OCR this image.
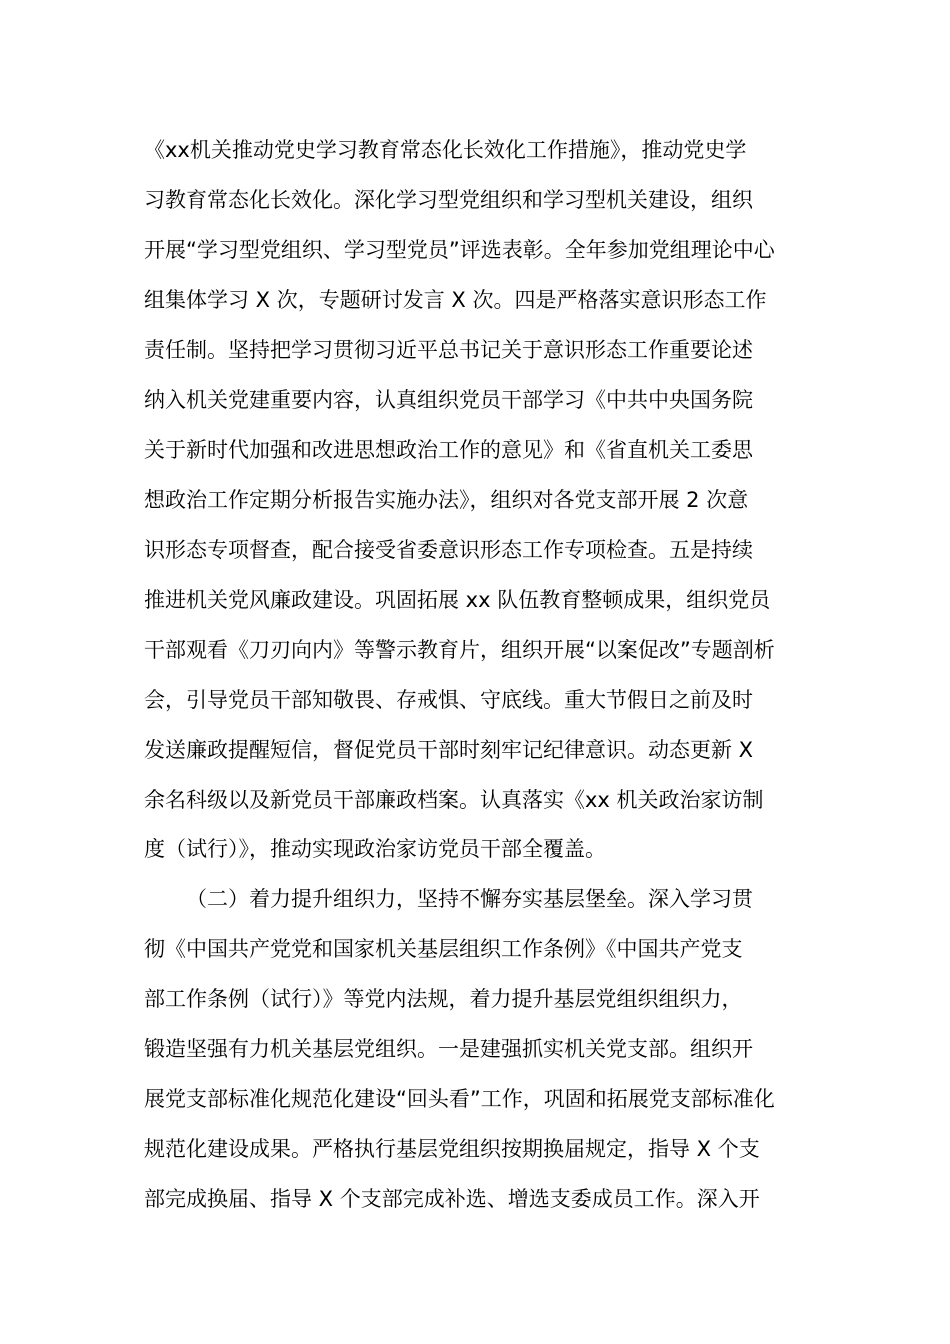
《xx机关推动党史学习教育常态化长效化工作措施》，推动党史学
习教育常态化长效化。深化学习型党组织和学习型机关建设，组织
开展“学习型党组织、学习型党员”评选表彰。全年参加党组理论中心
组集体学习 X 次，专题研讨发言 X 次。四是严格落实意识形态工作
责任制。坚持把学习贯彻习近平总书记关于意识形态工作重要论述
纳入机关党建重要内容，认真组织党员干部学习《中共中央国务院
关于新时代加强和改进思想政治工作的意见》和《省直机关工委思
想政治工作定期分析报告实施办法》，组织对各党支部开展 2 次意
识形态专项督查，配合接受省委意识形态工作专项检查。五是持续
推进机关党风廉政建设。巩固拓展 xx 队伍教育整顿成果，组织党员
干部观看《刀刃向内》等警示教育片，组织开展“以案促改”专题剖析
会，引导党员干部知敬畏、存戒惧、守底线。重大节假日之前及时
发送廉政提醒短信，督促党员干部时刻牢记纪律意识。动态更新 X
余名科级以及新党员干部廉政档案。认真落实《xx 机关政治家访制
度（试行）》，推动实现政治家访党员干部全覆盖。
（二）着力提升组织力，坚持不懈夯实基层堡垒。深入学习贯
彻《中国共产党党和国家机关基层组织工作条例》《中国共产党支
部工作条例（试行）》等党内法规，着力提升基层党组织组织力，
锻造坚强有力机关基层党组织。一是建强抓实机关党支部。组织开
展党支部标准化规范化建设“回头看”工作，巩固和拓展党支部标准化
规范化建设成果。严格执行基层党组织按期换届规定，指导 X 个支
部完成换届、指导 X 个支部完成补选、增选支委成员工作。深入开
